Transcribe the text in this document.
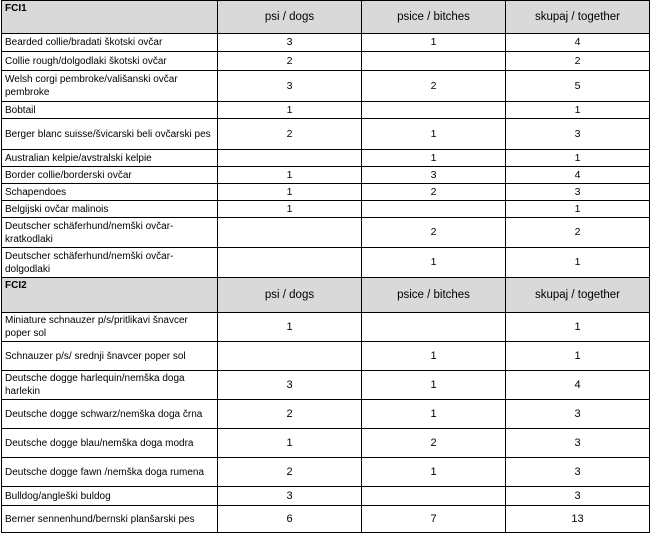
FCI1	psi / dogs	psice / bitches	skupaj / together
Bearded collie/bradati škotski ovčar	3	1	4
Collie rough/dolgodlaki škotski ovčar	2		2
Welsh corgi pembroke/vališanski ovčar pembroke	3	2	5
Bobtail	1		1
Berger blanc suisse/švicarski beli ovčarski pes	2	1	3
Australian kelpie/avstralski kelpie		1	1
Border collie/borderski ovčar	1	3	4
Schapendoes	1	2	3
Belgijski ovčar malinois	1		1
Deutscher schäferhund/nemški ovčar-kratkodlaki		2	2
Deutscher schäferhund/nemški ovčar-dolgodlaki		1	1
FCI2	psi / dogs	psice / bitches	skupaj / together
Miniature schnauzer p/s/pritlikavi šnavcer poper sol	1		1
Schnauzer p/s/ srednji šnavcer poper sol		1	1
Deutsche dogge harlequin/nemška doga harlekin	3	1	4
Deutsche dogge schwarz/nemška doga črna	2	1	3
Deutsche dogge blau/nemška doga modra	1	2	3
Deutsche dogge fawn /nemška doga rumena	2	1	3
Bulldog/angleški buldog	3		3
Berner sennenhund/bernski planšarski pes	6	7	13
